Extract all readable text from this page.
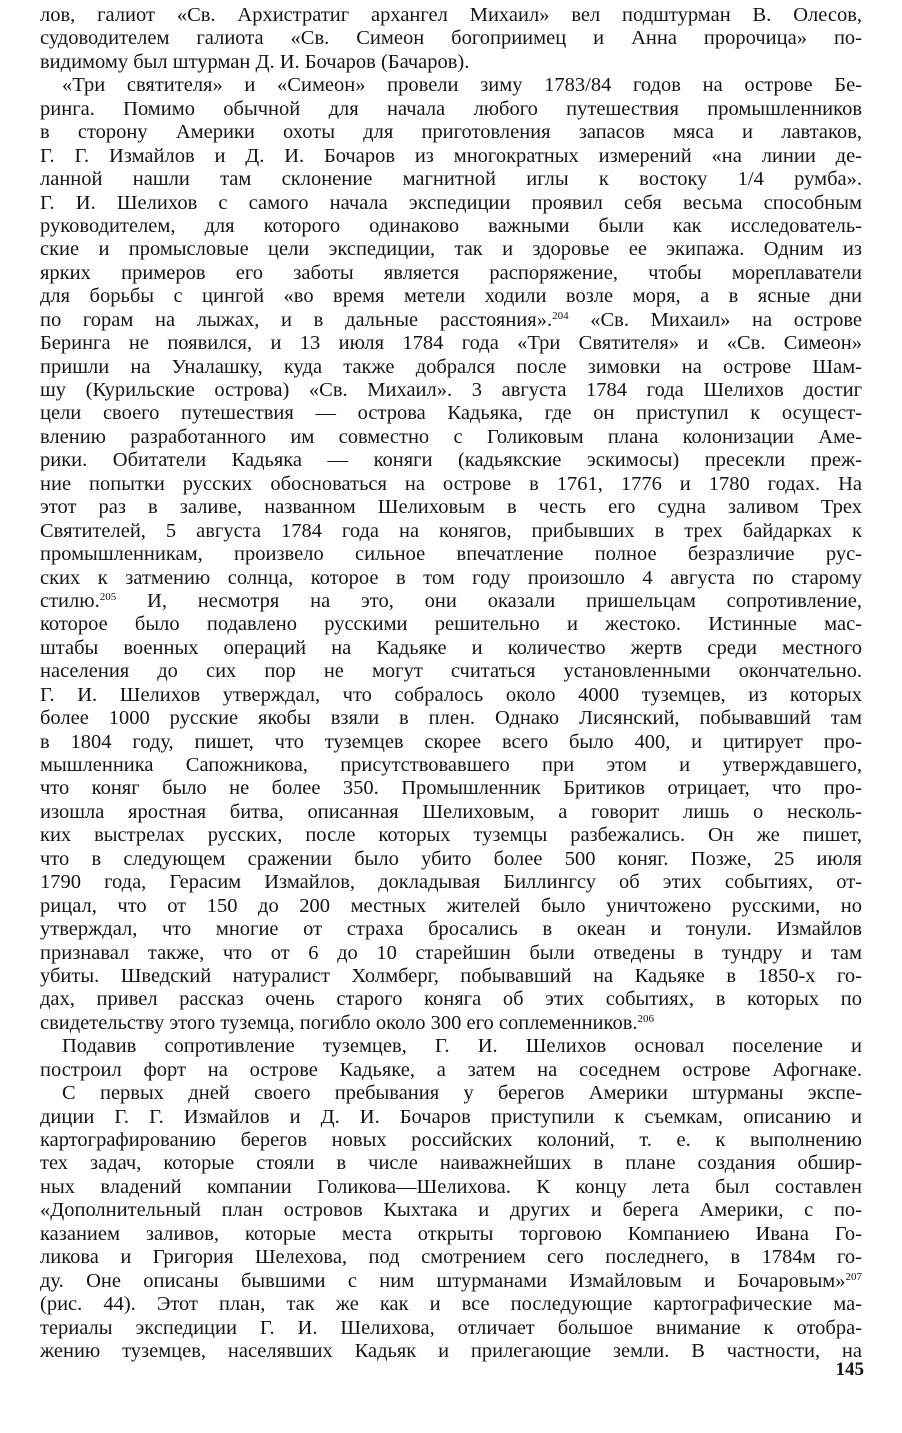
лов, галиот «Св. Архистратиг архангел Михаил» вел подштурман В. Олесов,
судоводителем галиота «Св. Симеон богоприимец и Анна пророчица» по-
видимому был штурман Д. И. Бочаров (Бачаров).
«Три святителя» и «Симеон» провели зиму 1783/84 годов на острове Бе-
ринга. Помимо обычной для начала любого путешествия промышленников
в сторону Америки охоты для приготовления запасов мяса и лавтаков,
Г. Г. Измайлов и Д. И. Бочаров из многократных измерений «на линии де-
ланной нашли там склонение магнитной иглы к востоку 1/4 румба».
Г. И. Шелихов с самого начала экспедиции проявил себя весьма способным
руководителем, для которого одинаково важными были как исследователь-
ские и промысловые цели экспедиции, так и здоровье ее экипажа. Одним из
ярких примеров его заботы является распоряжение, чтобы мореплаватели
для борьбы с цингой «во время метели ходили возле моря, а в ясные дни
по горам на лыжах, и в дальные расстояния».$^{204}$ «Св. Михаил» на острове
Беринга не появился, и 13 июля 1784 года «Три Святителя» и «Св. Симеон»
пришли на Уналашку, куда также добрался после зимовки на острове Шам-
шу (Курильские острова) «Св. Михаил». 3 августа 1784 года Шелихов достиг
цели своего путешествия — острова Кадьяка, где он приступил к осущест-
влению разработанного им совместно с Голиковым плана колонизации Аме-
рики. Обитатели Кадьяка — коняги (кадьякские эскимосы) пресекли преж-
ние попытки русских обосноваться на острове в 1761, 1776 и 1780 годах. На
этот раз в заливе, названном Шелиховым в честь его судна заливом Трех
Святителей, 5 августа 1784 года на конягов, прибывших в трех байдарках к
промышленникам, произвело сильное впечатление полное безразличие рус-
ских к затмению солнца, которое в том году произошло 4 августа по старому
стилю.$^{205}$ И, несмотря на это, они оказали пришельцам сопротивление,
которое было подавлено русскими решительно и жестоко. Истинные мас-
штабы военных операций на Кадьяке и количество жертв среди местного
населения до сих пор не могут считаться установленными окончательно.
Г. И. Шелихов утверждал, что собралось около 4000 туземцев, из которых
более 1000 русские якобы взяли в плен. Однако Лисянский, побывавший там
в 1804 году, пишет, что туземцев скорее всего было 400, и цитирует про-
мышленника Сапожникова, присутствовавшего при этом и утверждавшего,
что коняг было не более 350. Промышленник Бритиков отрицает, что про-
изошла яростная битва, описанная Шелиховым, а говорит лишь о несколь-
ких выстрелах русских, после которых туземцы разбежались. Он же пишет,
что в следующем сражении было убито более 500 коняг. Позже, 25 июля
1790 года, Герасим Измайлов, докладывая Биллингсу об этих событиях, от-
рицал, что от 150 до 200 местных жителей было уничтожено русскими, но
утверждал, что многие от страха бросались в океан и тонули. Измайлов
признавал также, что от 6 до 10 старейшин были отведены в тундру и там
убиты. Шведский натуралист Холмберг, побывавший на Кадьяке в 1850-х го-
дах, привел рассказ очень старого коняга об этих событиях, в которых по
свидетельству этого туземца, погибло около 300 его соплеменников.$^{206}$
Подавив сопротивление туземцев, Г. И. Шелихов основал поселение и
построил форт на острове Кадьяке, а затем на соседнем острове Афогнаке.
С первых дней своего пребывания у берегов Америки штурманы экспе-
диции Г. Г. Измайлов и Д. И. Бочаров приступили к съемкам, описанию и
картографированию берегов новых российских колоний, т. е. к выполнению
тех задач, которые стояли в числе наиважнейших в плане создания обшир-
ных владений компании Голикова—Шелихова. К концу лета был составлен
«Дополнительный план островов Кыхтака и других и берега Америки, с по-
казанием заливов, которые места открыты торговою Компаниею Ивана Го-
ликова и Григория Шелехова, под смотрением сего последнего, в 1784м го-
ду. Оне описаны бывшими с ним штурманами Измайловым и Бочаровым»$^{207}$
(рис. 44). Этот план, так же как и все последующие картографические ма-
териалы экспедиции Г. И. Шелихова, отличает большое внимание к отобра-
жению туземцев, населявших Кадьяк и прилегающие земли. В частности, на
145
